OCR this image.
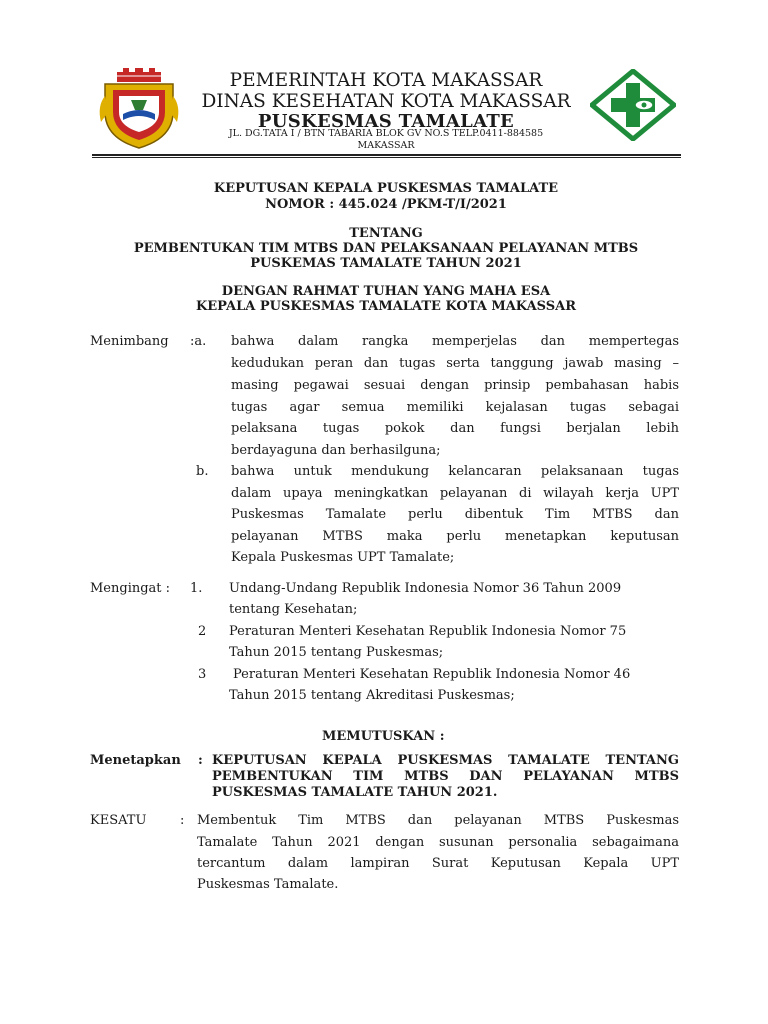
PEMERINTAH KOTA MAKASSAR
DINAS KESEHATAN KOTA MAKASSAR
PUSKESMAS TAMALATE
JL. DG.TATA I / BTN TABARIA BLOK GV NO.S TELP.0411-884585
MAKASSAR
KEPUTUSAN KEPALA PUSKESMAS TAMALATE
NOMOR : 445.024 /PKM-T/I/2021
TENTANG
PEMBENTUKAN TIM MTBS DAN PELAKSANAAN PELAYANAN MTBS
PUSKEMAS TAMALATE TAHUN 2021
DENGAN RAHMAT TUHAN YANG MAHA ESA
KEPALA PUSKESMAS TAMALATE KOTA MAKASSAR
Menimbang :a. bahwa dalam rangka memperjelas dan mempertegas
kedudukan peran dan tugas serta tanggung jawab masing –
masing pegawai sesuai dengan prinsip pembahasan habis
tugas agar semua memiliki kejalasan tugas sebagai
pelaksana tugas pokok dan fungsi berjalan lebih
berdayaguna dan berhasilguna;
b. bahwa untuk mendukung kelancaran pelaksanaan tugas
dalam upaya meningkatkan pelayanan di wilayah kerja UPT
Puskesmas Tamalate perlu dibentuk Tim MTBS dan
pelayanan MTBS maka perlu menetapkan keputusan
Kepala Puskesmas UPT Tamalate;
Mengingat : 1. Undang-Undang Republik Indonesia Nomor 36 Tahun 2009
tentang Kesehatan;
2 Peraturan Menteri Kesehatan Republik Indonesia Nomor 75
Tahun 2015 tentang Puskesmas;
3 Peraturan Menteri Kesehatan Republik Indonesia Nomor 46
Tahun 2015 tentang Akreditasi Puskesmas;
MEMUTUSKAN :
Menetapkan : KEPUTUSAN KEPALA PUSKESMAS TAMALATE TENTANG
PEMBENTUKAN TIM MTBS DAN PELAYANAN MTBS
PUSKESMAS TAMALATE TAHUN 2021.
KESATU	: Membentuk Tim MTBS dan pelayanan MTBS Puskesmas
Tamalate Tahun 2021 dengan susunan personalia sebagaimana
tercantum dalam lampiran Surat Keputusan Kepala UPT
Puskesmas Tamalate.
